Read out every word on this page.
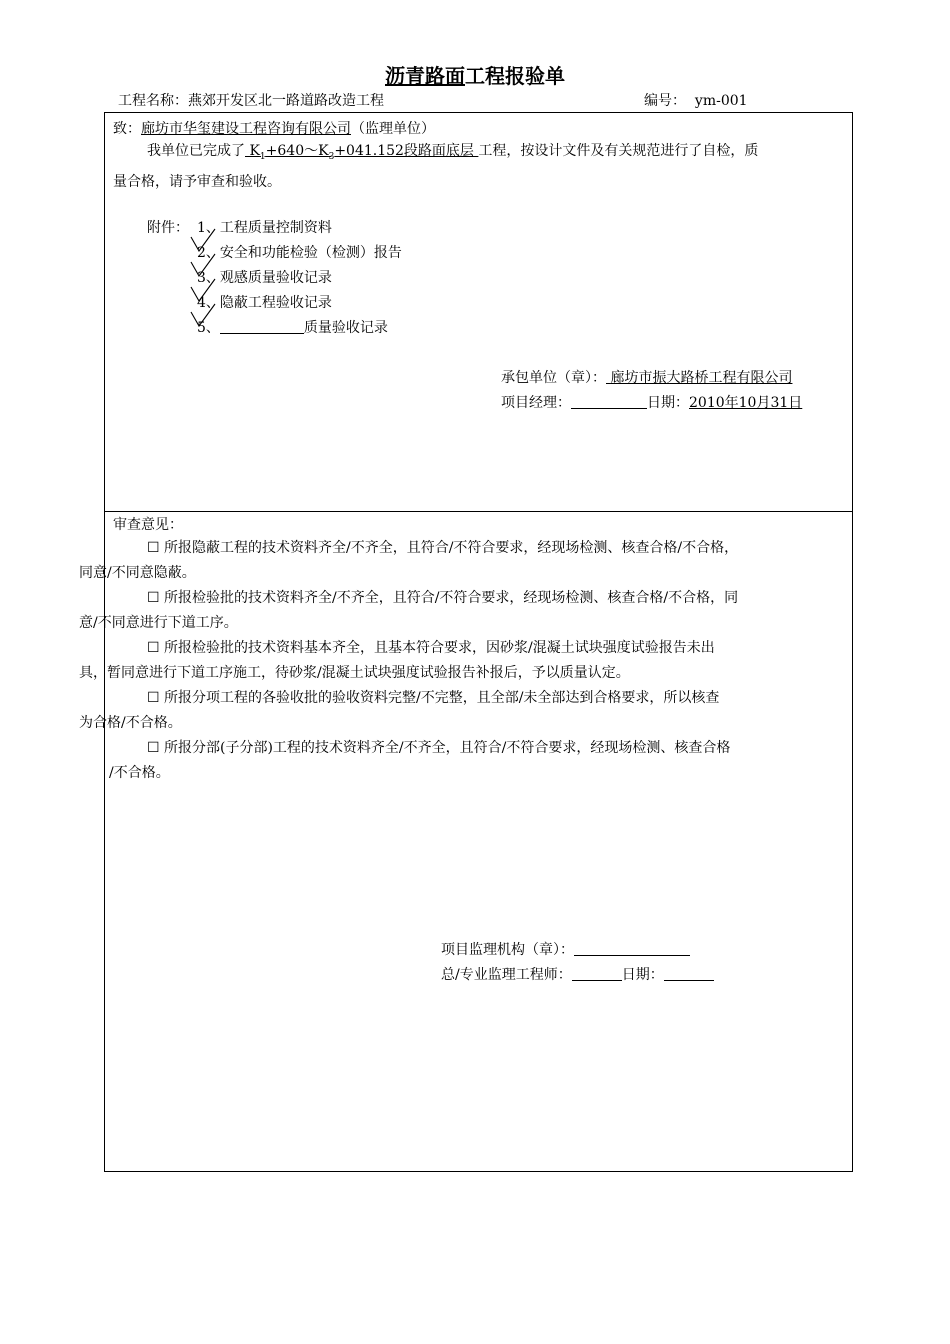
沥青路面工程报验单
工程名称：燕郊开发区北一路道路改造工程	编号： ym-001
致：廊坊市华玺建设工程咨询有限公司（监理单位）
我单位已完成了 $K_1+640\sim K_3+041.152$段路面底层 工程，按设计文件及有关规范进行了自检，质
量合格，请予审查和验收。
附件： 1、工程质量控制资料
2、安全和功能检验（检测）报告
3、观感质量验收记录
4、隐蔽工程验收记录
5、	质量验收记录
承包单位（章）： 廊坊市振大路桥工程有限公司
项目经理：	日期：2010年10月31日
审查意见：
☐ 所报隐蔽工程的技术资料齐全/不齐全，且符合/不符合要求，经现场检测、核查合格/不合格，
同意/不同意隐蔽。
☐ 所报检验批的技术资料齐全/不齐全，且符合/不符合要求，经现场检测、核查合格/不合格，同
意/不同意进行下道工序。
☐ 所报检验批的技术资料基本齐全，且基本符合要求，因砂浆/混凝土试块强度试验报告未出
具，暂同意进行下道工序施工，待砂浆/混凝土试块强度试验报告补报后，予以质量认定。
☐ 所报分项工程的各验收批的验收资料完整/不完整，且全部/未全部达到合格要求，所以核查
为合格/不合格。
☐ 所报分部(子分部)工程的技术资料齐全/不齐全，且符合/不符合要求，经现场检测、核查合格
/不合格。
项目监理机构（章）：
总/专业监理工程师：	日期：
